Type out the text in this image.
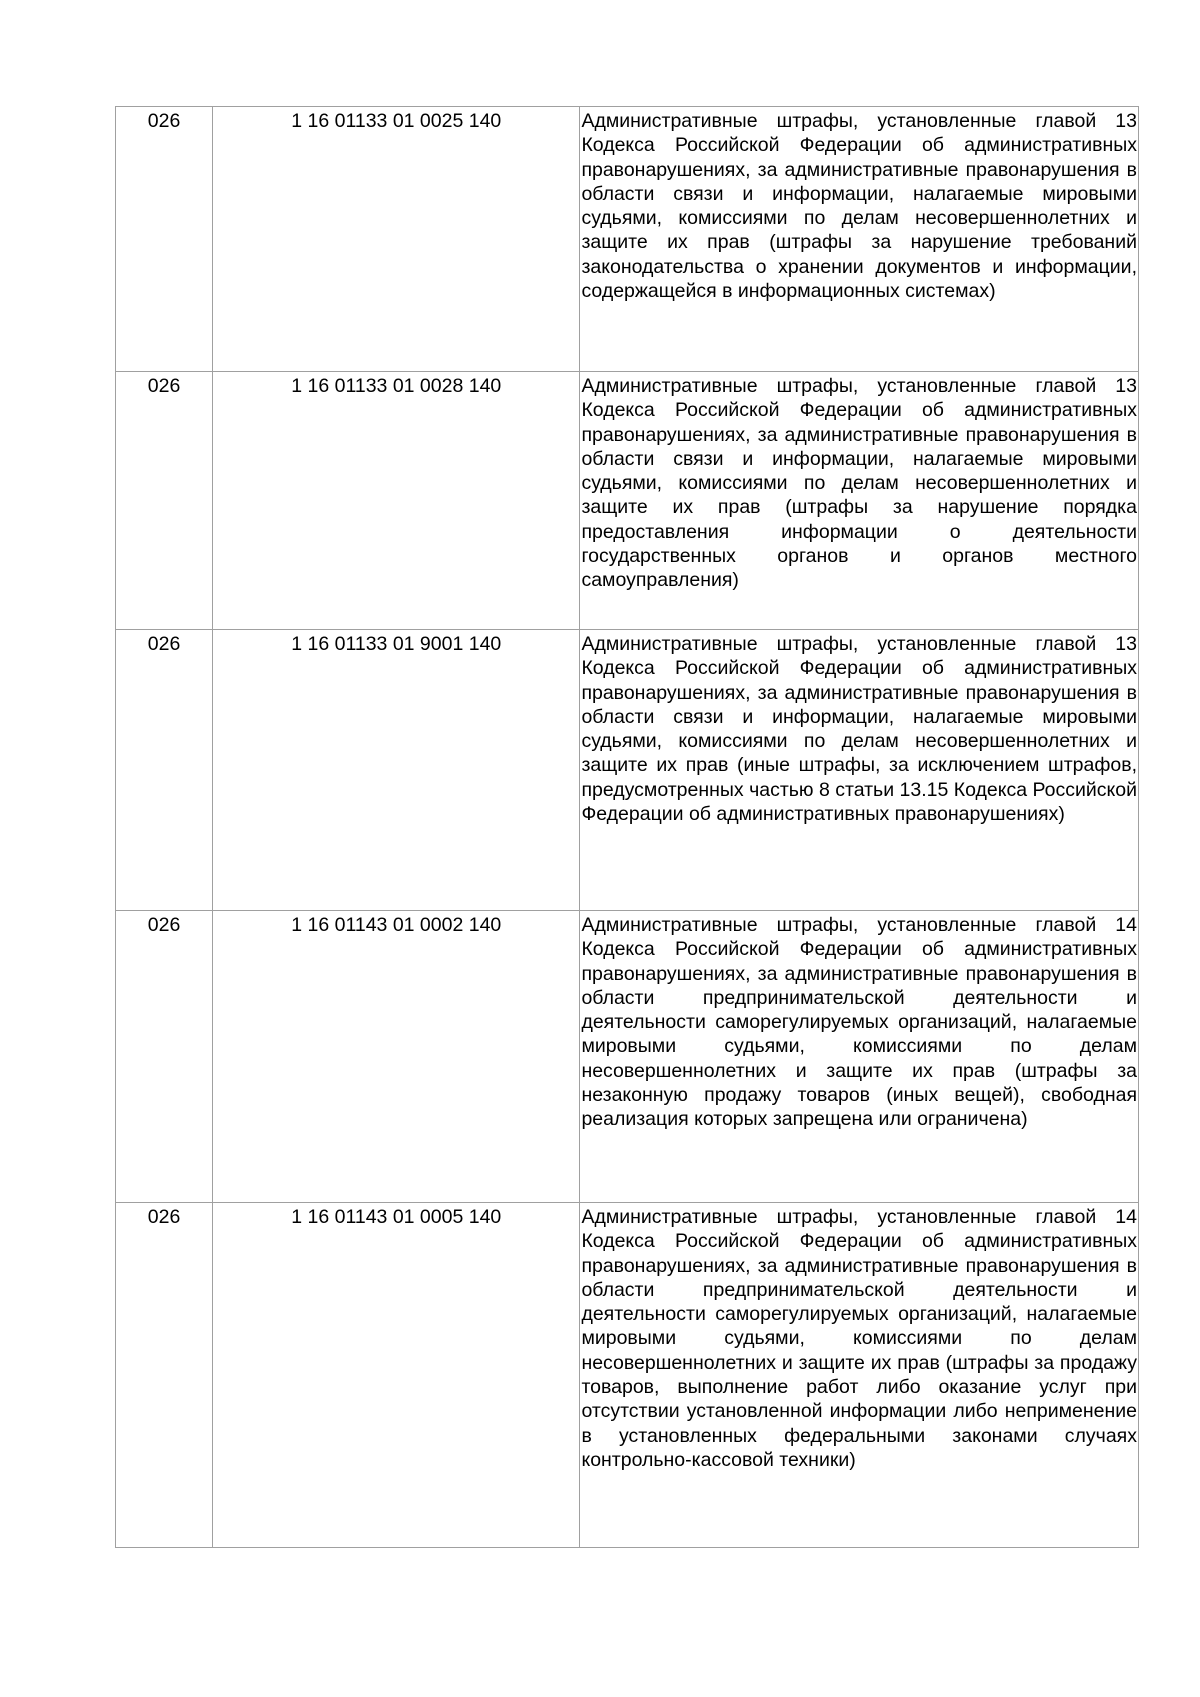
026	1 16 01133 01 0025 140	Административные штрафы, установленные главой 13 Кодекса Российской Федерации об административных правонарушениях, за административные правонарушения в области связи и информации, налагаемые мировыми судьями, комиссиями по делам несовершеннолетних и защите их прав (штрафы за нарушение требований законодательства о хранении документов и информации, содержащейся в информационных системах)

026	1 16 01133 01 0028 140	Административные штрафы, установленные главой 13 Кодекса Российской Федерации об административных правонарушениях, за административные правонарушения в области связи и информации, налагаемые мировыми судьями, комиссиями по делам несовершеннолетних и защите их прав (штрафы за нарушение порядка предоставления информации о деятельности государственных органов и органов местного самоуправления)

026	1 16 01133 01 9001 140	Административные штрафы, установленные главой 13 Кодекса Российской Федерации об административных правонарушениях, за административные правонарушения в области связи и информации, налагаемые мировыми судьями, комиссиями по делам несовершеннолетних и защите их прав (иные штрафы, за исключением штрафов, предусмотренных частью 8 статьи 13.15 Кодекса Российской Федерации об административных правонарушениях)

026	1 16 01143 01 0002 140	Административные штрафы, установленные главой 14 Кодекса Российской Федерации об административных правонарушениях, за административные правонарушения в области предпринимательской деятельности и деятельности саморегулируемых организаций, налагаемые мировыми судьями, комиссиями по делам несовершеннолетних и защите их прав (штрафы за незаконную продажу товаров (иных вещей), свободная реализация которых запрещена или ограничена)

026	1 16 01143 01 0005 140	Административные штрафы, установленные главой 14 Кодекса Российской Федерации об административных правонарушениях, за административные правонарушения в области предпринимательской деятельности и деятельности саморегулируемых организаций, налагаемые мировыми судьями, комиссиями по делам несовершеннолетних и защите их прав (штрафы за продажу товаров, выполнение работ либо оказание услуг при отсутствии установленной информации либо неприменение в установленных федеральными законами случаях контрольно-кассовой техники)
